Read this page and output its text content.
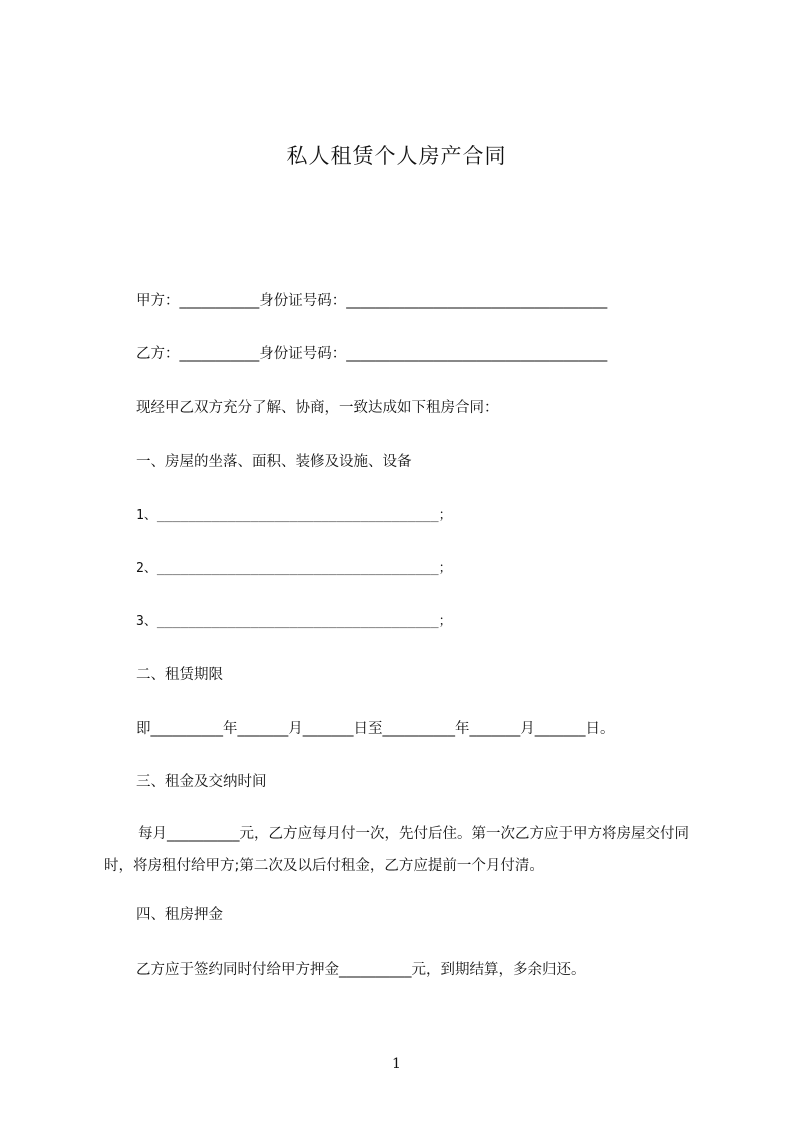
私人租赁个人房产合同
甲方：___________身份证号码：____________________________________
乙方：___________身份证号码：____________________________________
现经甲乙双方充分了解、协商，一致达成如下租房合同：
一、房屋的坐落、面积、装修及设施、设备
1、____________________________________；
2、____________________________________；
3、____________________________________；
二、租赁期限
即__________年_______月_______日至__________年_______月_______日。
三、租金及交纳时间
每月__________元，乙方应每月付一次，先付后住。第一次乙方应于甲方将房屋交付同时，将房租付给甲方;第二次及以后付租金，乙方应提前一个月付清。
四、租房押金
乙方应于签约同时付给甲方押金__________元，到期结算，多余归还。
1
